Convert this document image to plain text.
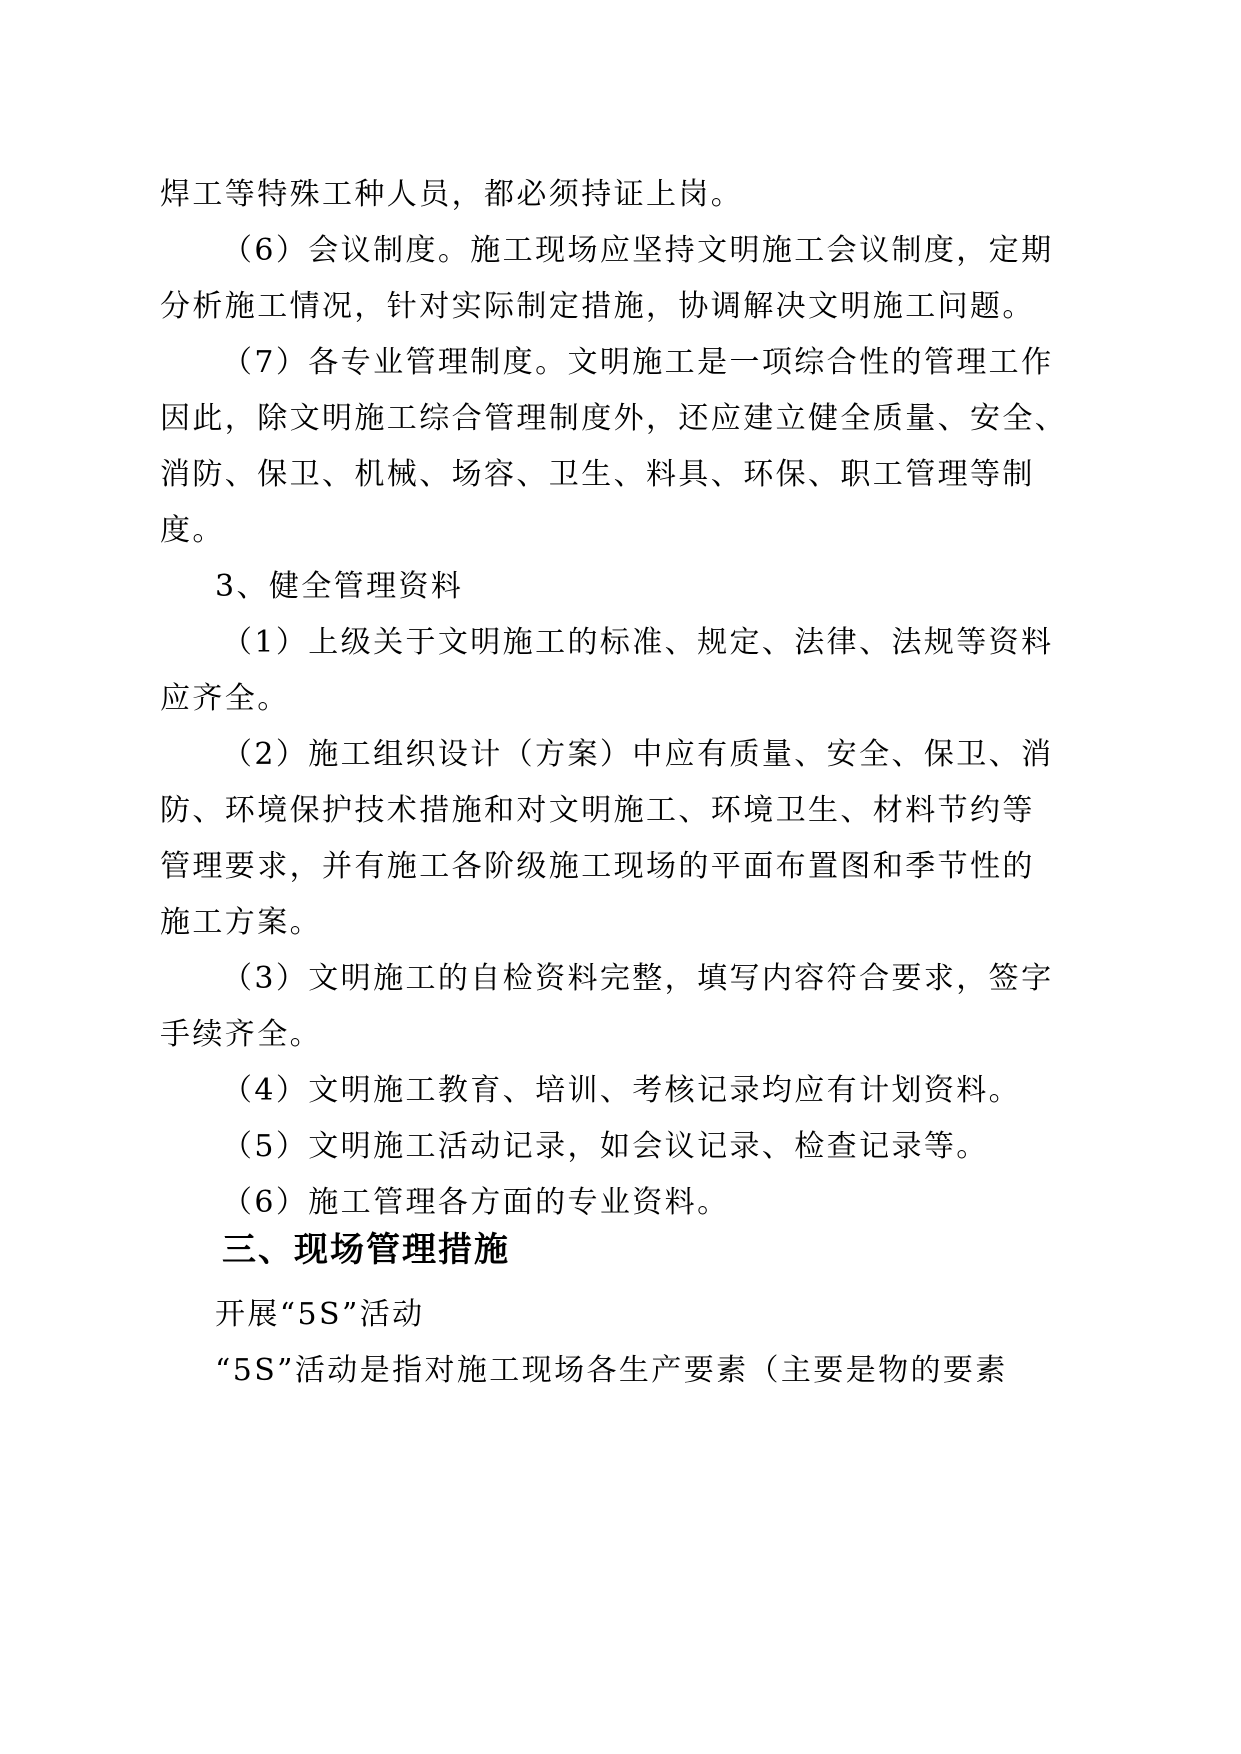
焊工等特殊工种人员，都必须持证上岗。
（6）会议制度。施工现场应坚持文明施工会议制度，定期
分析施工情况，针对实际制定措施，协调解决文明施工问题。
（7）各专业管理制度。文明施工是一项综合性的管理工作
因此，除文明施工综合管理制度外，还应建立健全质量、安全、
消防、保卫、机械、场容、卫生、料具、环保、职工管理等制
度。
3、健全管理资料
（1）上级关于文明施工的标准、规定、法律、法规等资料
应齐全。
（2）施工组织设计（方案）中应有质量、安全、保卫、消
防、环境保护技术措施和对文明施工、环境卫生、材料节约等
管理要求，并有施工各阶级施工现场的平面布置图和季节性的
施工方案。
（3）文明施工的自检资料完整，填写内容符合要求，签字
手续齐全。
（4）文明施工教育、培训、考核记录均应有计划资料。
（5）文明施工活动记录，如会议记录、检查记录等。
（6）施工管理各方面的专业资料。
三、现场管理措施
开展“5S”活动
“5S”活动是指对施工现场各生产要素（主要是物的要素
